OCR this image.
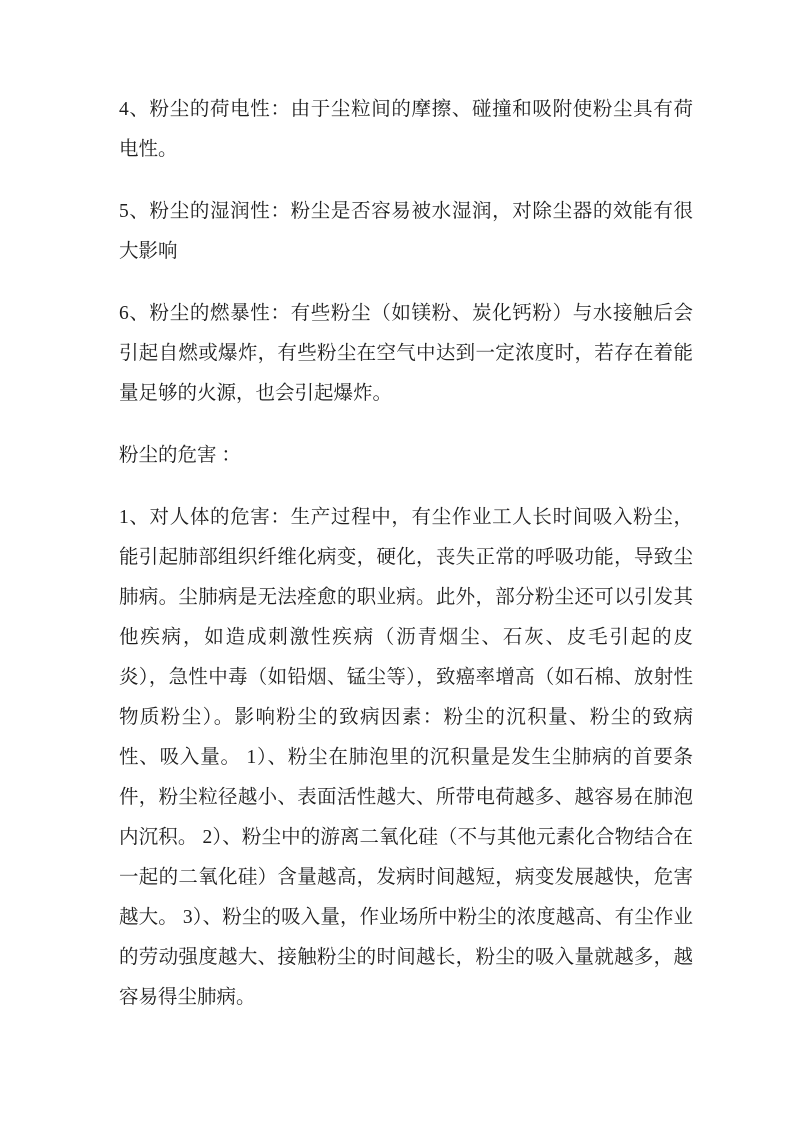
4、粉尘的荷电性：由于尘粒间的摩擦、碰撞和吸附使粉尘具有荷电性。

5、粉尘的湿润性：粉尘是否容易被水湿润，对除尘器的效能有很大影响

6、粉尘的燃暴性：有些粉尘（如镁粉、炭化钙粉）与水接触后会引起自燃或爆炸，有些粉尘在空气中达到一定浓度时，若存在着能量足够的火源，也会引起爆炸。

粉尘的危害 ：

1、对人体的危害：生产过程中，有尘作业工人长时间吸入粉尘，能引起肺部组织纤维化病变，硬化，丧失正常的呼吸功能，导致尘肺病。尘肺病是无法痊愈的职业病。此外，部分粉尘还可以引发其他疾病，如造成刺激性疾病（沥青烟尘、石灰、皮毛引起的皮炎），急性中毒（如铅烟、锰尘等），致癌率增高（如石棉、放射性物质粉尘）。影响粉尘的致病因素：粉尘的沉积量、粉尘的致病性、吸入量。 1）、粉尘在肺泡里的沉积量是发生尘肺病的首要条件，粉尘粒径越小、表面活性越大、所带电荷越多、越容易在肺泡内沉积。 2）、粉尘中的游离二氧化硅（不与其他元素化合物结合在一起的二氧化硅）含量越高，发病时间越短，病变发展越快，危害越大。 3）、粉尘的吸入量，作业场所中粉尘的浓度越高、有尘作业的劳动强度越大、接触粉尘的时间越长，粉尘的吸入量就越多，越容易得尘肺病。
